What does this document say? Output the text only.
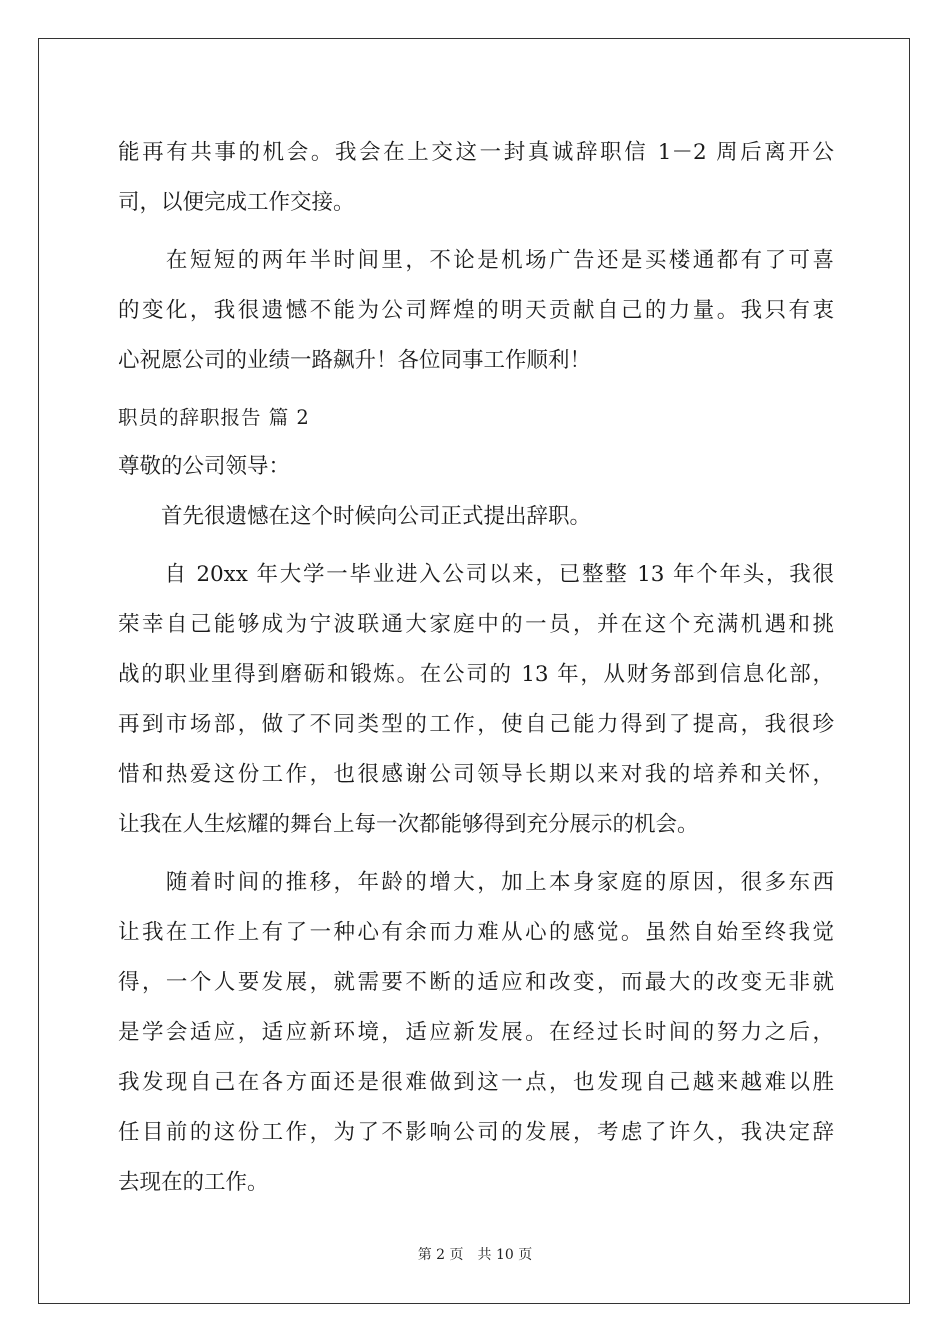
能再有共事的机会。我会在上交这一封真诚辞职信 1－2 周后离开公
司，以便完成工作交接。
　　在短短的两年半时间里，不论是机场广告还是买楼通都有了可喜
的变化，我很遗憾不能为公司辉煌的明天贡献自己的力量。我只有衷
心祝愿公司的业绩一路飙升！各位同事工作顺利！
职员的辞职报告 篇 2
尊敬的公司领导：
　　首先很遗憾在这个时候向公司正式提出辞职。
　　自 20xx 年大学一毕业进入公司以来，已整整 13 年个年头，我很
荣幸自己能够成为宁波联通大家庭中的一员，并在这个充满机遇和挑
战的职业里得到磨砺和锻炼。在公司的 13 年，从财务部到信息化部，
再到市场部，做了不同类型的工作，使自己能力得到了提高，我很珍
惜和热爱这份工作，也很感谢公司领导长期以来对我的培养和关怀，
让我在人生炫耀的舞台上每一次都能够得到充分展示的机会。
　　随着时间的推移，年龄的增大，加上本身家庭的原因，很多东西
让我在工作上有了一种心有余而力难从心的感觉。虽然自始至终我觉
得，一个人要发展，就需要不断的适应和改变，而最大的改变无非就
是学会适应，适应新环境，适应新发展。在经过长时间的努力之后，
我发现自己在各方面还是很难做到这一点，也发现自己越来越难以胜
任目前的这份工作，为了不影响公司的发展，考虑了许久，我决定辞
去现在的工作。
第 2 页　共 10 页
